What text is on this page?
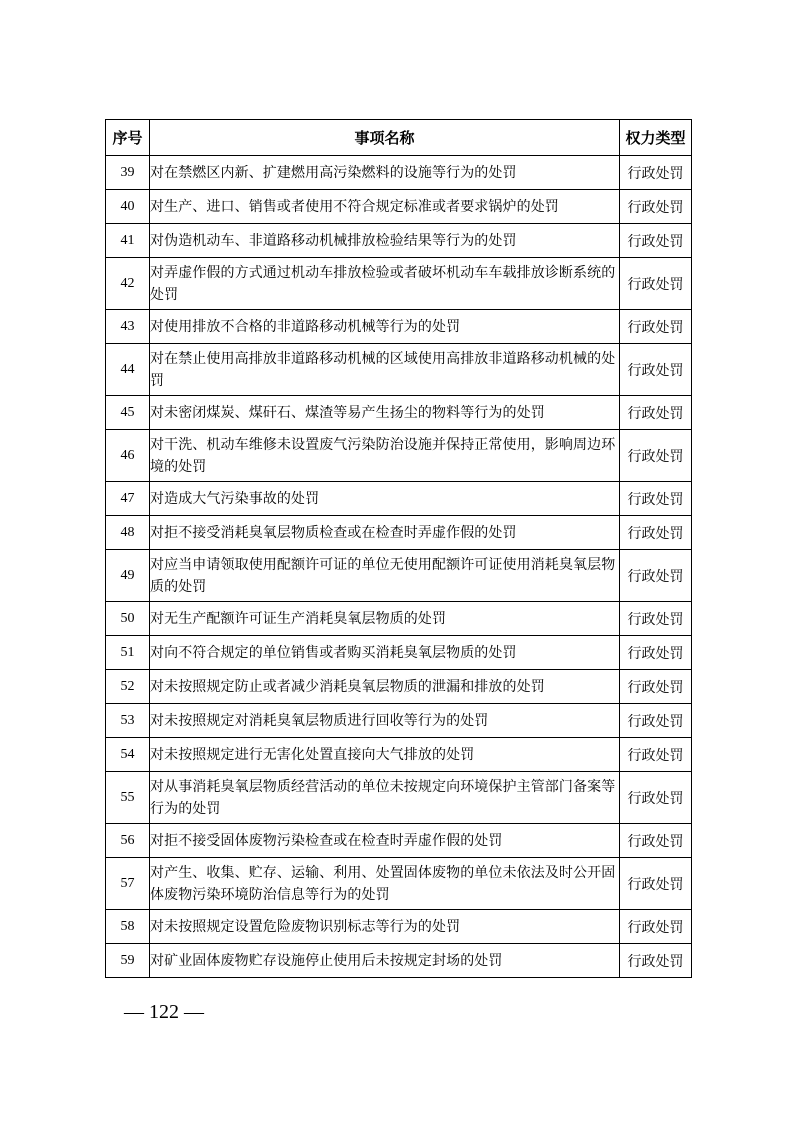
序号	事项名称	权力类型
39	对在禁燃区内新、扩建燃用高污染燃料的设施等行为的处罚	行政处罚
40	对生产、进口、销售或者使用不符合规定标准或者要求锅炉的处罚	行政处罚
41	对伪造机动车、非道路移动机械排放检验结果等行为的处罚	行政处罚
42	对弄虚作假的方式通过机动车排放检验或者破坏机动车车载排放诊断系统的处罚	行政处罚
43	对使用排放不合格的非道路移动机械等行为的处罚	行政处罚
44	对在禁止使用高排放非道路移动机械的区域使用高排放非道路移动机械的处罚	行政处罚
45	对未密闭煤炭、煤矸石、煤渣等易产生扬尘的物料等行为的处罚	行政处罚
46	对干洗、机动车维修未设置废气污染防治设施并保持正常使用，影响周边环境的处罚	行政处罚
47	对造成大气污染事故的处罚	行政处罚
48	对拒不接受消耗臭氧层物质检查或在检查时弄虚作假的处罚	行政处罚
49	对应当申请领取使用配额许可证的单位无使用配额许可证使用消耗臭氧层物质的处罚	行政处罚
50	对无生产配额许可证生产消耗臭氧层物质的处罚	行政处罚
51	对向不符合规定的单位销售或者购买消耗臭氧层物质的处罚	行政处罚
52	对未按照规定防止或者减少消耗臭氧层物质的泄漏和排放的处罚	行政处罚
53	对未按照规定对消耗臭氧层物质进行回收等行为的处罚	行政处罚
54	对未按照规定进行无害化处置直接向大气排放的处罚	行政处罚
55	对从事消耗臭氧层物质经营活动的单位未按规定向环境保护主管部门备案等行为的处罚	行政处罚
56	对拒不接受固体废物污染检查或在检查时弄虚作假的处罚	行政处罚
57	对产生、收集、贮存、运输、利用、处置固体废物的单位未依法及时公开固体废物污染环境防治信息等行为的处罚	行政处罚
58	对未按照规定设置危险废物识别标志等行为的处罚	行政处罚
59	对矿业固体废物贮存设施停止使用后未按规定封场的处罚	行政处罚
— 122 —
